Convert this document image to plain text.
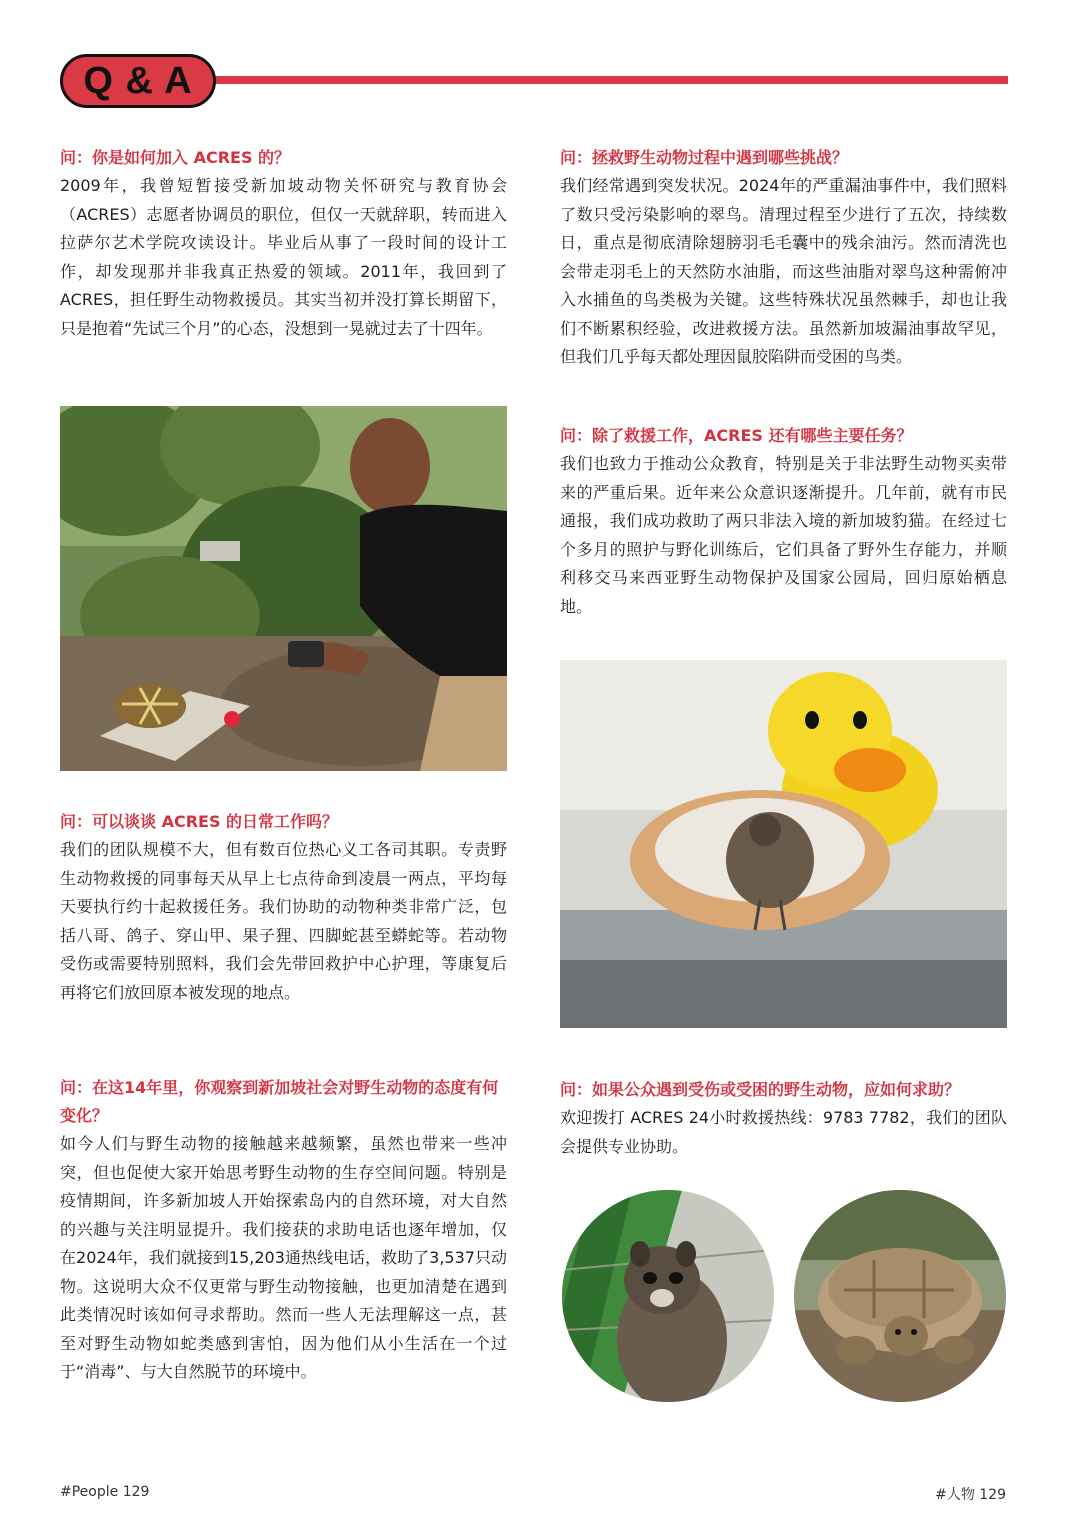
Q & A
问：你是如何加入 ACRES 的？
2009年，我曾短暂接受新加坡动物关怀研究与教育协会（ACRES）志愿者协调员的职位，但仅一天就辞职，转而进入拉萨尔艺术学院攻读设计。毕业后从事了一段时间的设计工作，却发现那并非我真正热爱的领域。2011年，我回到了ACRES，担任野生动物救援员。其实当初并没打算长期留下，只是抱着“先试三个月”的心态，没想到一晃就过去了十四年。
问：可以谈谈 ACRES 的日常工作吗？
我们的团队规模不大，但有数百位热心义工各司其职。专责野生动物救援的同事每天从早上七点待命到凌晨一两点，平均每天要执行约十起救援任务。我们协助的动物种类非常广泛，包括八哥、鸽子、穿山甲、果子狸、四脚蛇甚至蟒蛇等。若动物受伤或需要特别照料，我们会先带回救护中心护理，等康复后再将它们放回原本被发现的地点。
问：在这14年里，你观察到新加坡社会对野生动物的态度有何变化？
如今人们与野生动物的接触越来越频繁，虽然也带来一些冲突，但也促使大家开始思考野生动物的生存空间问题。特别是疫情期间，许多新加坡人开始探索岛内的自然环境，对大自然的兴趣与关注明显提升。我们接获的求助电话也逐年增加，仅在2024年，我们就接到15,203通热线电话，救助了3,537只动物。这说明大众不仅更常与野生动物接触，也更加清楚在遇到此类情况时该如何寻求帮助。然而一些人无法理解这一点，甚至对野生动物如蛇类感到害怕，因为他们从小生活在一个过于“消毒”、与大自然脱节的环境中。
问：拯救野生动物过程中遇到哪些挑战？
我们经常遇到突发状况。2024年的严重漏油事件中，我们照料了数只受污染影响的翠鸟。清理过程至少进行了五次，持续数日，重点是彻底清除翅膀羽毛毛囊中的残余油污。然而清洗也会带走羽毛上的天然防水油脂，而这些油脂对翠鸟这种需俯冲入水捕鱼的鸟类极为关键。这些特殊状况虽然棘手，却也让我们不断累积经验，改进救援方法。虽然新加坡漏油事故罕见，但我们几乎每天都处理因鼠胶陷阱而受困的鸟类。
问：除了救援工作，ACRES 还有哪些主要任务？
我们也致力于推动公众教育，特别是关于非法野生动物买卖带来的严重后果。近年来公众意识逐渐提升。几年前，就有市民通报，我们成功救助了两只非法入境的新加坡豹猫。在经过七个多月的照护与野化训练后，它们具备了野外生存能力，并顺利移交马来西亚野生动物保护及国家公园局，回归原始栖息地。
问：如果公众遇到受伤或受困的野生动物，应如何求助？
欢迎拨打 ACRES 24小时救援热线：9783 7782，我们的团队会提供专业协助。
#People 129	#人物 129
